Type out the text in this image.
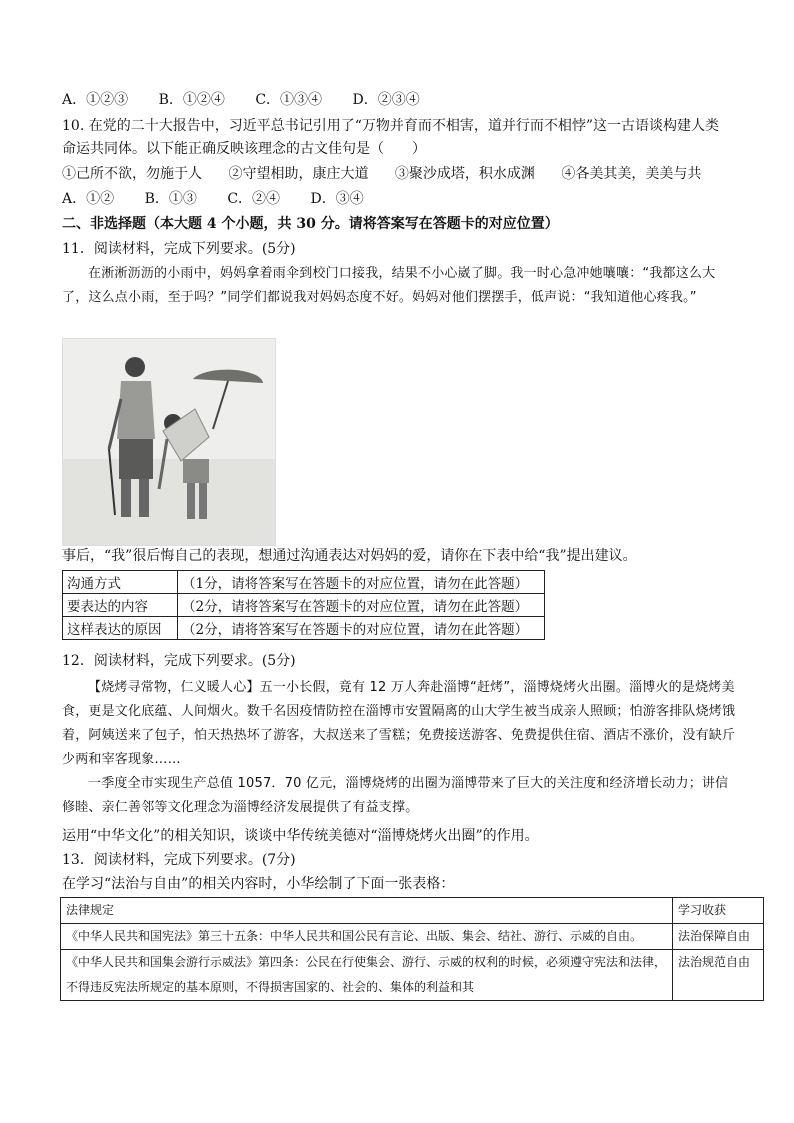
A．①②③ B．①②④ C．①③④ D．②③④
10. 在党的二十大报告中，习近平总书记引用了“万物并育而不相害，道并行而不相悖”这一古语谈构建人类
命运共同体。以下能正确反映该理念的古文佳句是（　　）
①己所不欲，勿施于人 ②守望相助，康庄大道 ③聚沙成塔，积水成渊 ④各美其美，美美与共
A．①② B．①③ C．②④ D．③④
二、非选择题（本大题 4 个小题，共 30 分。请将答案写在答题卡的对应位置）
11．阅读材料，完成下列要求。(5分)
在淅淅沥沥的小雨中，妈妈拿着雨伞到校门口接我，结果不小心崴了脚。我一时心急冲她嚷嚷：“我都这么大了，这么点小雨，至于吗？”同学们都说我对妈妈态度不好。妈妈对他们摆摆手，低声说：“我知道他心疼我。”
事后，“我”很后悔自己的表现，想通过沟通表达对妈妈的爱，请你在下表中给“我”提出建议。
沟通方式	（1分，请将答案写在答题卡的对应位置，请勿在此答题）
要表达的内容	（2分，请将答案写在答题卡的对应位置，请勿在此答题）
这样表达的原因	（2分，请将答案写在答题卡的对应位置，请勿在此答题）
12．阅读材料，完成下列要求。(5分)
【烧烤寻常物，仁义暖人心】五一小长假，竟有 12 万人奔赴淄博“赶烤”，淄博烧烤火出圈。淄博火的是烧烤美食，更是文化底蕴、人间烟火。数千名因疫情防控在淄博市安置隔离的山大学生被当成亲人照顾；怕游客排队烧烤饿着，阿姨送来了包子，怕天热热坏了游客，大叔送来了雪糕；免费接送游客、免费提供住宿、酒店不涨价，没有缺斤少两和宰客现象……
一季度全市实现生产总值 1057．70 亿元，淄博烧烤的出圈为淄博带来了巨大的关注度和经济增长动力；讲信修睦、亲仁善邻等文化理念为淄博经济发展提供了有益支撑。
运用“中华文化”的相关知识，谈谈中华传统美德对“淄博烧烤火出圈”的作用。
13．阅读材料，完成下列要求。(7分)
在学习“法治与自由”的相关内容时，小华绘制了下面一张表格：
法律规定	学习收获
《中华人民共和国宪法》第三十五条：中华人民共和国公民有言论、出版、集会、结社、游行、示威的自由。	法治保障自由
《中华人民共和国集会游行示威法》第四条：公民在行使集会、游行、示威的权利的时候，必须遵守宪法和法律，不得违反宪法所规定的基本原则，不得损害国家的、社会的、集体的利益和其	法治规范自由
